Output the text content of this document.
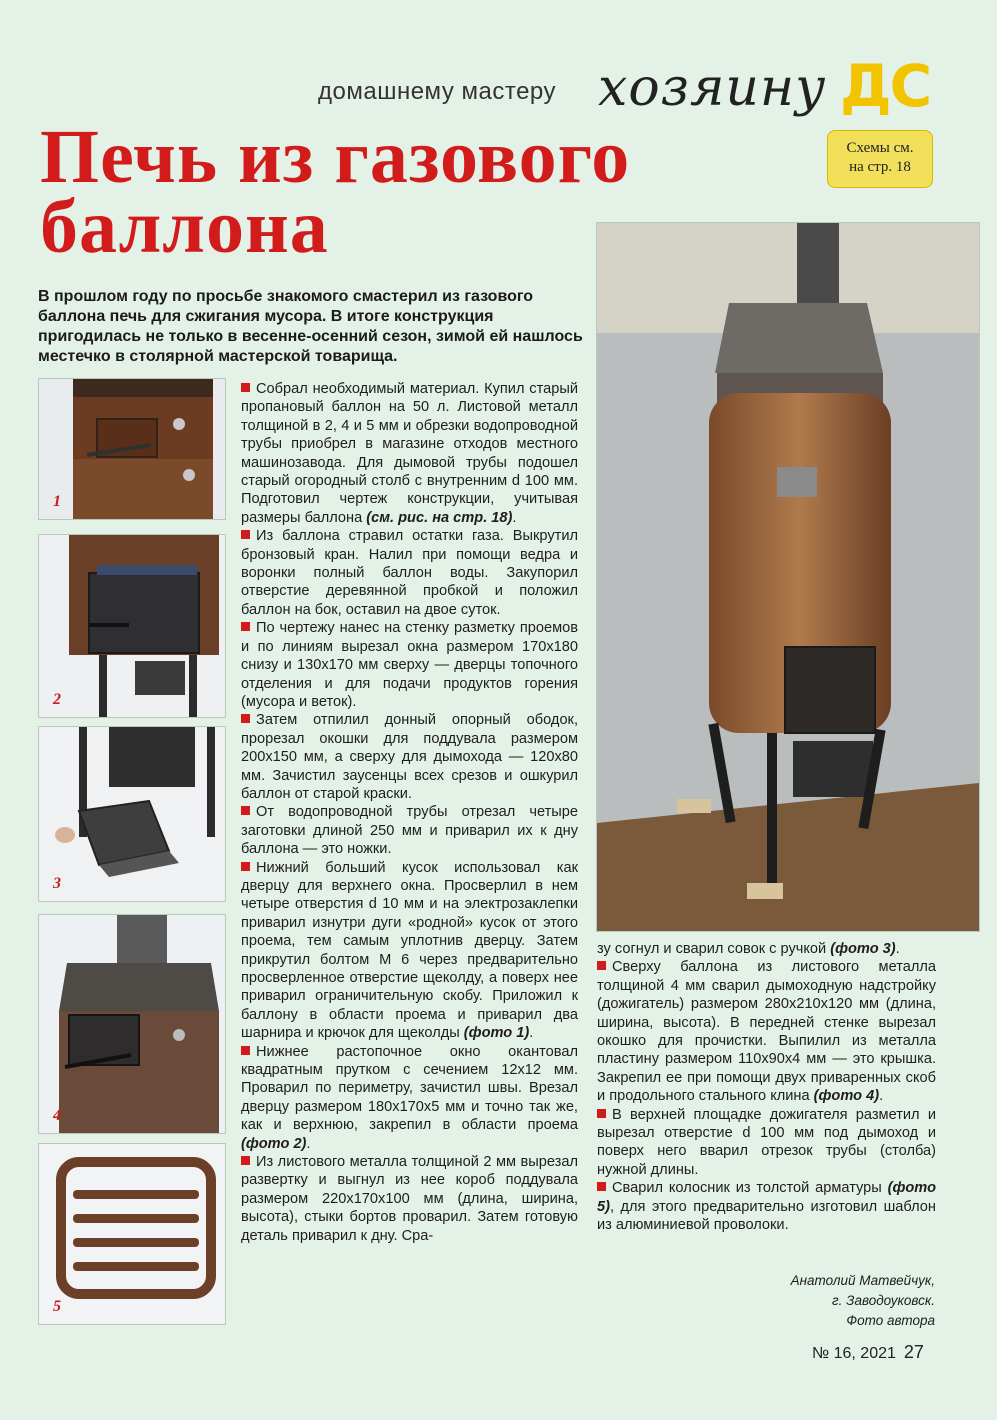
домашнему мастеру хозяину ДС
Схемы см.
на стр. 18
Печь из газового
баллона
В прошлом году по просьбе знакомого смастерил из газового баллона печь для сжигания мусора. В итоге конструкция пригодилась не только в весенне-осенний сезон, зимой ей нашлось местечко в столярной мастерской товарища.
1
2
3
4
5

Собрал необходимый материал. Купил старый пропановый баллон на 50 л. Листовой металл толщиной в 2, 4 и 5 мм и обрезки водопроводной трубы приобрел в магазине отходов местного машинозавода. Для дымовой трубы подошел старый огородный столб с внутренним d 100 мм. Подготовил чертеж конструкции, учитывая размеры баллона (см. рис. на стр. 18).

Из баллона стравил остатки газа. Выкрутил бронзовый кран. Налил при помощи ведра и воронки полный баллон воды. Закупорил отверстие деревянной пробкой и положил баллон на бок, оставил на двое суток.

По чертежу нанес на стенку разметку проемов и по линиям вырезал окна размером 170х180 снизу и 130х170 мм сверху — дверцы топочного отделения и для подачи продуктов горения (мусора и веток).

Затем отпилил донный опорный ободок, прорезал окошки для поддувала размером 200х150 мм, а сверху для дымохода — 120х80 мм. Зачистил заусенцы всех срезов и ошкурил баллон от старой краски.

От водопроводной трубы отрезал четыре заготовки длиной 250 мм и приварил их к дну баллона — это ножки.

Нижний больший кусок использовал как дверцу для верхнего окна. Просверлил в нем четыре отверстия d 10 мм и на электрозаклепки приварил изнутри дуги «родной» кусок от этого проема, тем самым уплотнив дверцу. Затем прикрутил болтом М 6 через предварительно просверленное отверстие щеколду, а поверх нее приварил ограничительную скобу. Приложил к баллону в области проема и приварил два шарнира и крючок для щеколды (фото 1).

Нижнее растопочное окно окантовал квадратным прутком с сечением 12х12 мм. Проварил по периметру, зачистил швы. Врезал дверцу размером 180х170х5 мм и точно так же, как и верхнюю, закрепил в области проема (фото 2).

Из листового металла толщиной 2 мм вырезал развертку и выгнул из нее короб поддувала размером 220х170х100 мм (длина, ширина, высота), стыки бортов проварил. Затем готовую деталь приварил к дну. Сра-

зу согнул и сварил совок с ручкой (фото 3).

Сверху баллона из листового металла толщиной 4 мм сварил дымоходную надстройку (дожигатель) размером 280х210х120 мм (длина, ширина, высота). В передней стенке вырезал окошко для прочистки. Выпилил из металла пластину размером 110х90х4 мм — это крышка. Закрепил ее при помощи двух приваренных скоб и продольного стального клина (фото 4).

В верхней площадке дожигателя разметил и вырезал отверстие d 100 мм под дымоход и поверх него вварил отрезок трубы (столба) нужной длины.

Сварил колосник из толстой арматуры (фото 5), для этого предварительно изготовил шаблон из алюминиевой проволоки.

Анатолий Матвейчук,
г. Заводоуковск.
Фото автора
№ 16, 2021 27
